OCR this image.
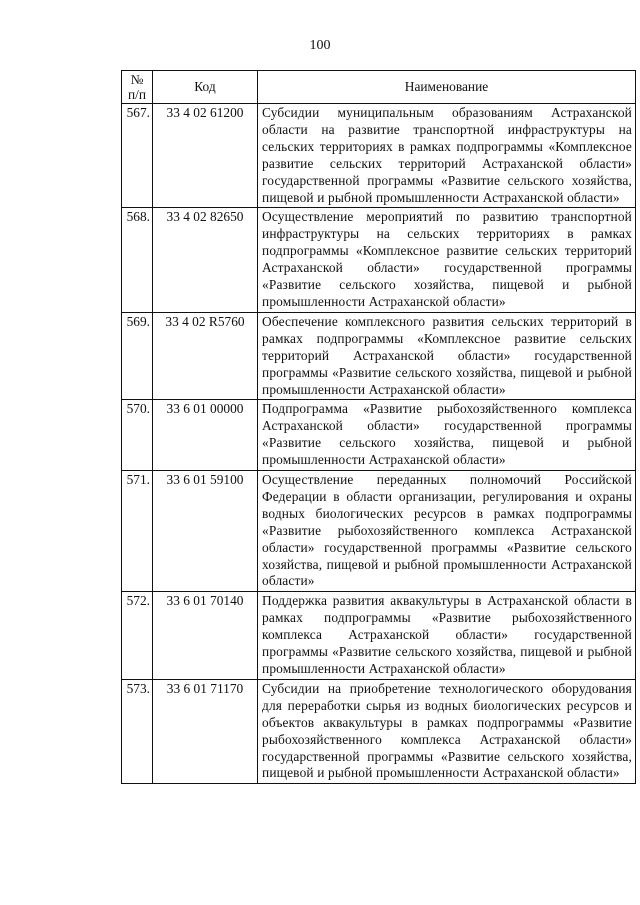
100
№
п/п	Код	Наименование
567.	33 4 02 61200	Субсидии муниципальным образованиям Астраханской области на развитие транспортной инфраструктуры на сельских территориях в рамках подпрограммы «Комплексное развитие сельских территорий Астраханской области» государственной программы «Развитие сельского хозяйства, пищевой и рыбной промышленности Астраханской области»
568.	33 4 02 82650	Осуществление мероприятий по развитию транспортной инфраструктуры на сельских территориях в рамках подпрограммы «Комплексное развитие сельских территорий Астраханской области» государственной программы «Развитие сельского хозяйства, пищевой и рыбной промышленности Астраханской области»
569.	33 4 02 R5760	Обеспечение комплексного развития сельских территорий в рамках подпрограммы «Комплексное развитие сельских территорий Астраханской области» государственной программы «Развитие сельского хозяйства, пищевой и рыбной промышленности Астраханской области»
570.	33 6 01 00000	Подпрограмма «Развитие рыбохозяйственного комплекса Астраханской области» государственной программы «Развитие сельского хозяйства, пищевой и рыбной промышленности Астраханской области»
571.	33 6 01 59100	Осуществление переданных полномочий Российской Федерации в области организации, регулирования и охраны водных биологических ресурсов в рамках подпрограммы «Развитие рыбохозяйственного комплекса Астраханской области» государственной программы «Развитие сельского хозяйства, пищевой и рыбной промышленности Астраханской области»
572.	33 6 01 70140	Поддержка развития аквакультуры в Астраханской области в рамках подпрограммы «Развитие рыбохозяйственного комплекса Астраханской области» государственной программы «Развитие сельского хозяйства, пищевой и рыбной промышленности Астраханской области»
573.	33 6 01 71170	Субсидии на приобретение технологического оборудования для переработки сырья из водных биологических ресурсов и объектов аквакультуры в рамках подпрограммы «Развитие рыбохозяйственного комплекса Астраханской области» государственной программы «Развитие сельского хозяйства, пищевой и рыбной промышленности Астраханской области»
